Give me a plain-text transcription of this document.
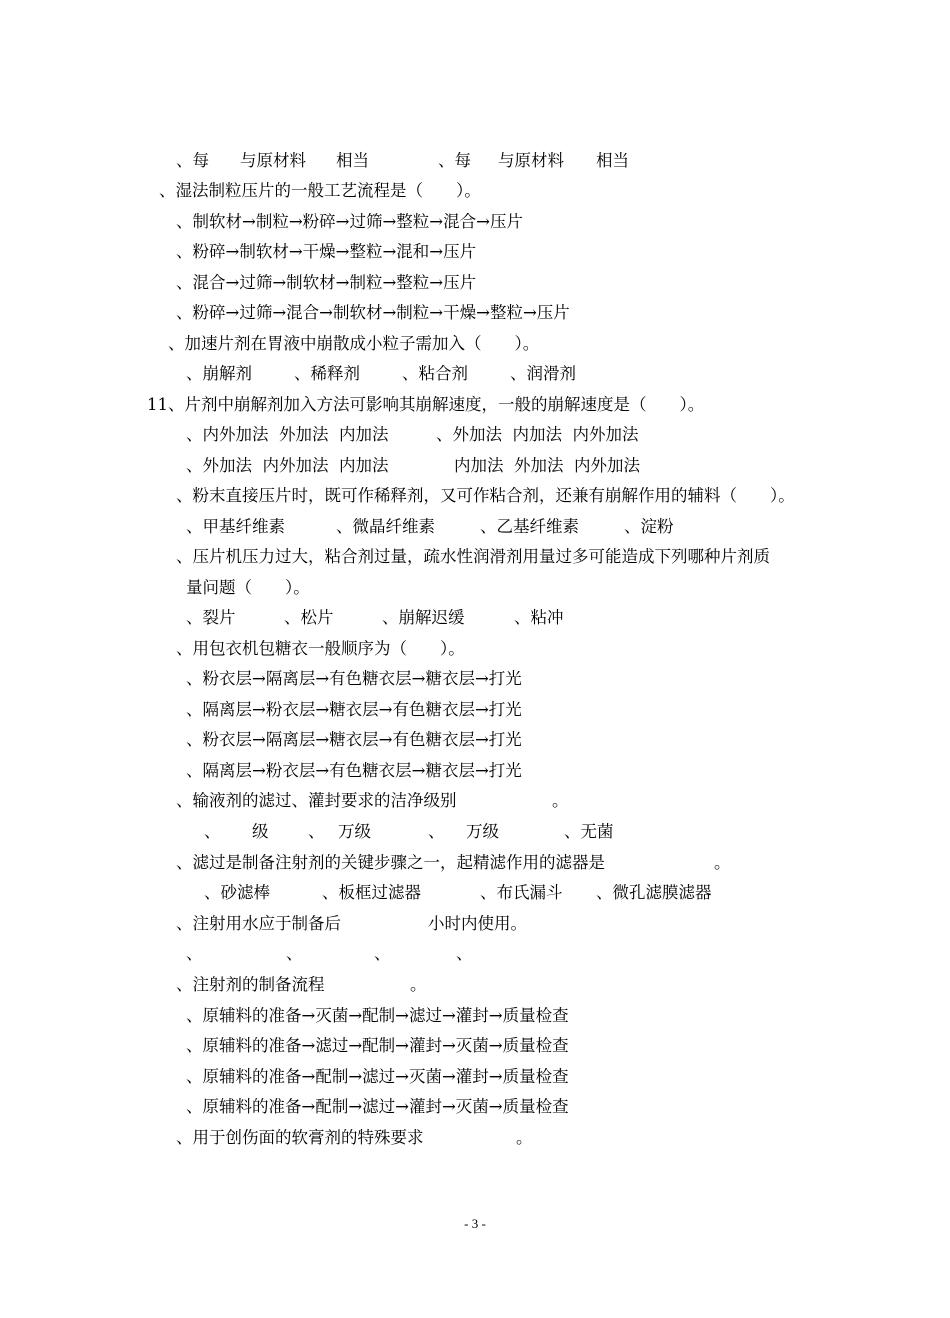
、每

与原材料

相当

	、每

与原材料

相当

、湿法制粒压片的一般工艺流程是（　　）。

、制软材→制粒→粉碎→过筛→整粒→混合→压片

、粉碎→制软材→干燥→整粒→混和→压片

、混合→过筛→制软材→制粒→整粒→压片

、粉碎→过筛→混合→制软材→制粒→干燥→整粒→压片

、加速片剂在胃液中崩散成小粒子需加入（　　）。

、崩解剂

	、稀释剂

	、粘合剂

	、润滑剂

11、片剂中崩解剂加入方法可影响其崩解速度，一般的崩解速度是（　　）。

、内外加法  外加法  内加法

	、外加法  内加法  内外加法

、外加法  内外加法  内加法

	内加法  外加法  内外加法

、粉末直接压片时，既可作稀释剂，又可作粘合剂，还兼有崩解作用的辅料（　　）。

、甲基纤维素

	、微晶纤维素

	、乙基纤维素

	、淀粉

、压片机压力过大，粘合剂过量，疏水性润滑剂用量过多可能造成下列哪种片剂质

量问题（　　）。

、裂片

	、松片

	、崩解迟缓

	、粘冲

、用包衣机包糖衣一般顺序为（　　）。

、粉衣层→隔离层→有色糖衣层→糖衣层→打光

、隔离层→粉衣层→糖衣层→有色糖衣层→打光

、粉衣层→隔离层→糖衣层→有色糖衣层→打光

、隔离层→粉衣层→有色糖衣层→糖衣层→打光

、输液剂的滤过、灌封要求的洁净级别

	。

、

级

、

万级

	、

万级

	、无菌

、滤过是制备注射剂的关键步骤之一，起精滤作用的滤器是

	。

、砂滤棒

	、板框过滤器

	、布氏漏斗

、微孔滤膜滤器

、注射用水应于制备后

	小时内使用。

、

	、

	、

	、

、注射剂的制备流程

	。

、原辅料的准备→灭菌→配制→滤过→灌封→质量检查

、原辅料的准备→滤过→配制→灌封→灭菌→质量检查

、原辅料的准备→配制→滤过→灭菌→灌封→质量检查

、原辅料的准备→配制→滤过→灌封→灭菌→质量检查

、用于创伤面的软膏剂的特殊要求

	。

- 3 -
